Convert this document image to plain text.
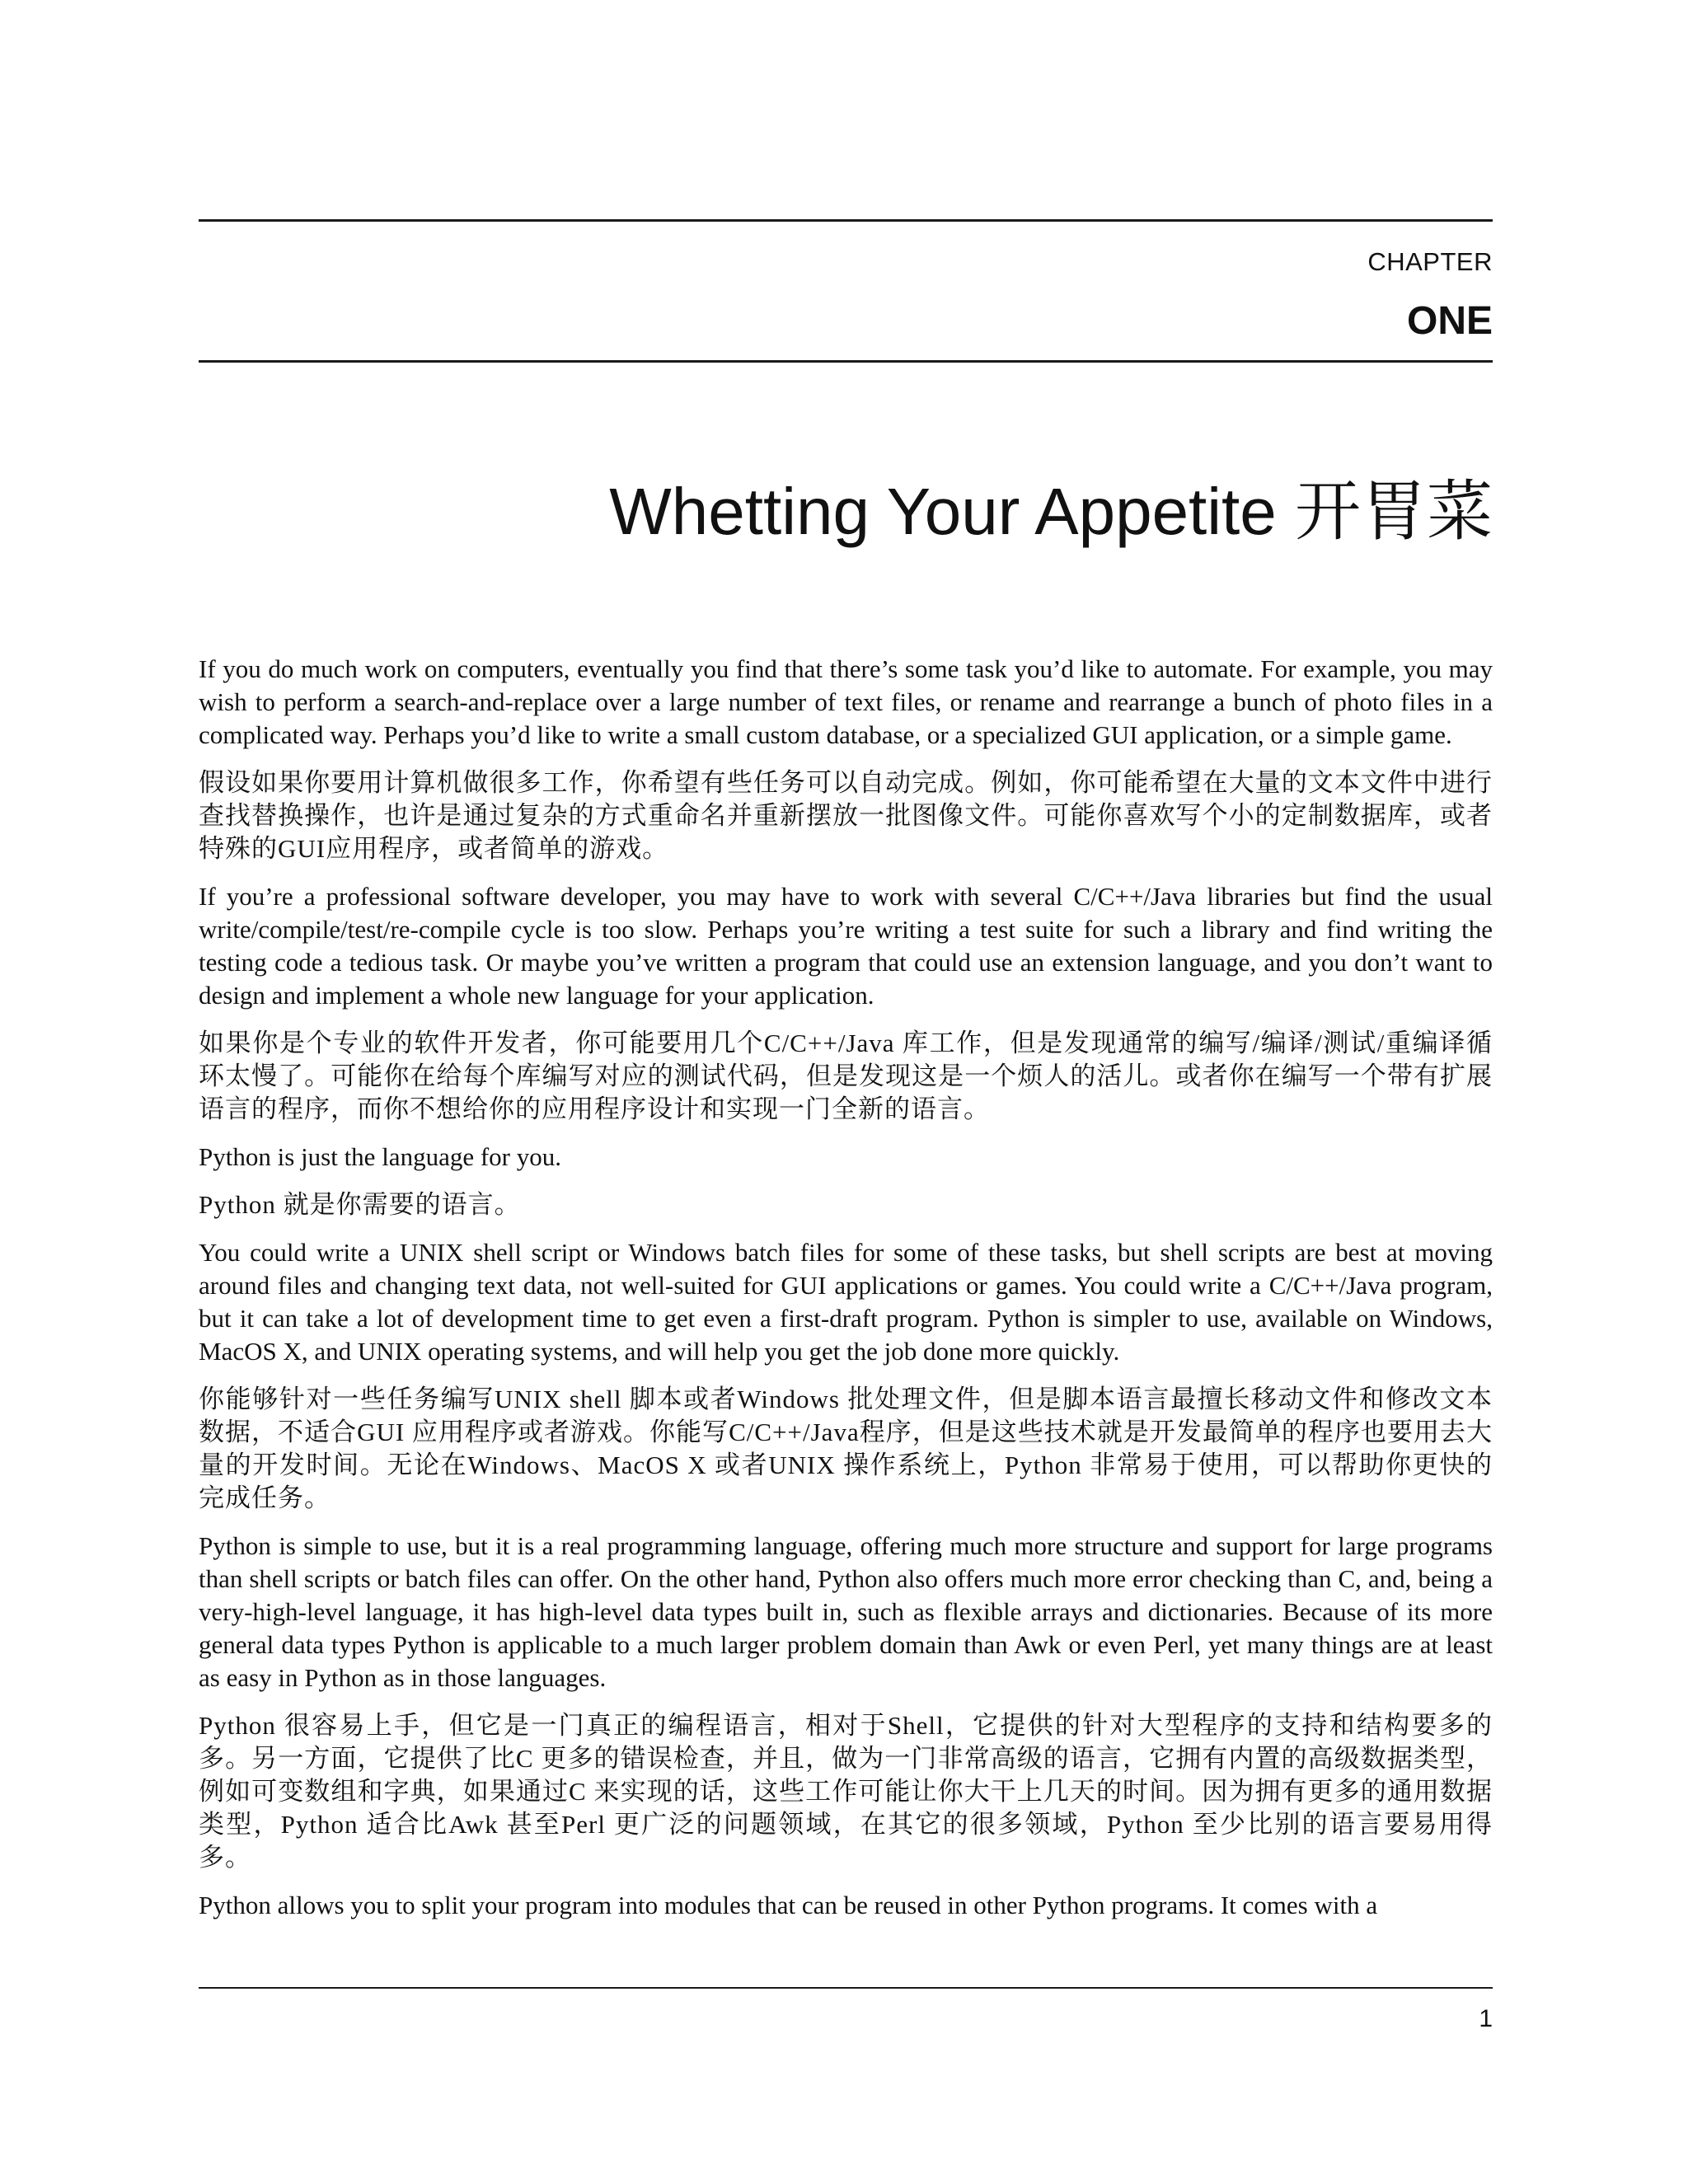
CHAPTER
ONE
Whetting Your Appetite 开胃菜

If you do much work on computers, eventually you find that there’s some task you’d like to automate. For example, you may wish to perform a search-and-replace over a large number of text files, or rename and rearrange a bunch of photo files in a complicated way. Perhaps you’d like to write a small custom database, or a specialized GUI application, or a simple game.

假设如果你要用计算机做很多工作，你希望有些任务可以自动完成。例如，你可能希望在大量的文本文件中进行查找替换操作，也许是通过复杂的方式重命名并重新摆放一批图像文件。可能你喜欢写个小的定制数据库，或者特殊的GUI应用程序，或者简单的游戏。

If you’re a professional software developer, you may have to work with several C/C++/Java libraries but find the usual write/compile/test/re-compile cycle is too slow. Perhaps you’re writing a test suite for such a library and find writing the testing code a tedious task. Or maybe you’ve written a program that could use an extension language, and you don’t want to design and implement a whole new language for your application.

如果你是个专业的软件开发者，你可能要用几个C/C++/Java 库工作，但是发现通常的编写/编译/测试/重编译循环太慢了。可能你在给每个库编写对应的测试代码，但是发现这是一个烦人的活儿。或者你在编写一个带有扩展语言的程序，而你不想给你的应用程序设计和实现一门全新的语言。

Python is just the language for you.

Python 就是你需要的语言。

You could write a UNIX shell script or Windows batch files for some of these tasks, but shell scripts are best at moving around files and changing text data, not well-suited for GUI applications or games. You could write a C/C++/Java program, but it can take a lot of development time to get even a first-draft program. Python is simpler to use, available on Windows, MacOS X, and UNIX operating systems, and will help you get the job done more quickly.

你能够针对一些任务编写UNIX shell 脚本或者Windows 批处理文件，但是脚本语言最擅长移动文件和修改文本数据，不适合GUI 应用程序或者游戏。你能写C/C++/Java程序，但是这些技术就是开发最简单的程序也要用去大量的开发时间。无论在Windows、MacOS X 或者UNIX 操作系统上，Python 非常易于使用，可以帮助你更快的完成任务。

Python is simple to use, but it is a real programming language, offering much more structure and support for large programs than shell scripts or batch files can offer. On the other hand, Python also offers much more error checking than C, and, being a very-high-level language, it has high-level data types built in, such as flexible arrays and dictionaries. Because of its more general data types Python is applicable to a much larger problem domain than Awk or even Perl, yet many things are at least as easy in Python as in those languages.

Python 很容易上手，但它是一门真正的编程语言，相对于Shell，它提供的针对大型程序的支持和结构要多的多。另一方面，它提供了比C 更多的错误检查，并且，做为一门非常高级的语言，它拥有内置的高级数据类型，例如可变数组和字典，如果通过C 来实现的话，这些工作可能让你大干上几天的时间。因为拥有更多的通用数据类型，Python 适合比Awk 甚至Perl 更广泛的问题领域，在其它的很多领域，Python 至少比别的语言要易用得多。

Python allows you to split your program into modules that can be reused in other Python programs. It comes with a

1
